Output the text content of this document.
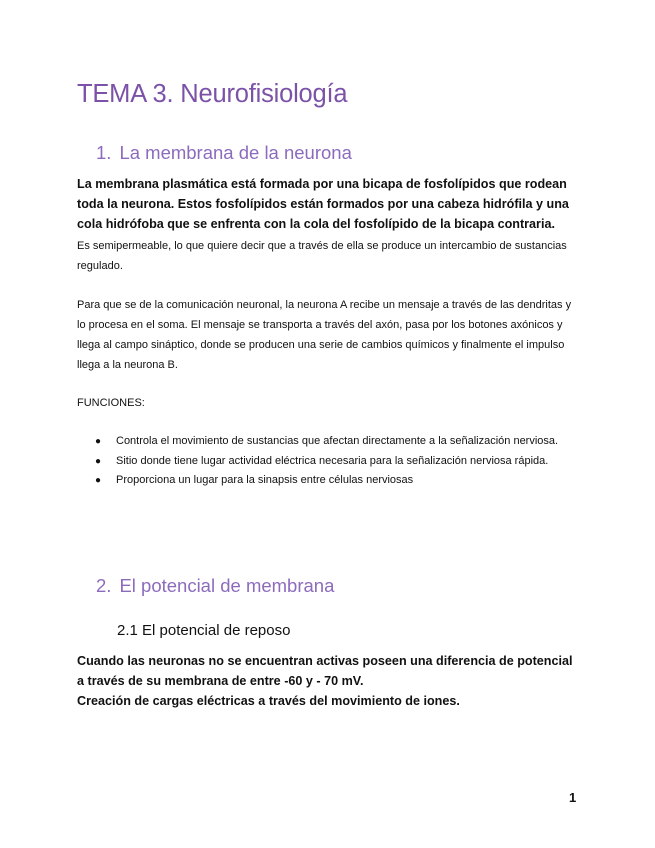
TEMA 3. Neurofisiología
1. La membrana de la neurona

La membrana plasmática está formada por una bicapa de fosfolípidos que rodean toda la neurona. Estos fosfolípidos están formados por una cabeza hidrófila y una cola hidrófoba que se enfrenta con la cola del fosfolípido de la bicapa contraria.

Es semipermeable, lo que quiere decir que a través de ella se produce un intercambio de sustancias regulado.

Para que se de la comunicación neuronal, la neurona A recibe un mensaje a través de las dendritas y lo procesa en el soma. El mensaje se transporta a través del axón, pasa por los botones axónicos y llega al campo sináptico, donde se producen una serie de cambios químicos y finalmente el impulso llega a la neurona B.

FUNCIONES:

● Controla el movimiento de sustancias que afectan directamente a la señalización nerviosa.
● Sitio donde tiene lugar actividad eléctrica necesaria para la señalización nerviosa rápida.
● Proporciona un lugar para la sinapsis entre células nerviosas
2. El potencial de membrana
2.1 El potencial de reposo

Cuando las neuronas no se encuentran activas poseen una diferencia de potencial a través de su membrana de entre -60 y - 70 mV.

Creación de cargas eléctricas a través del movimiento de iones.

1
